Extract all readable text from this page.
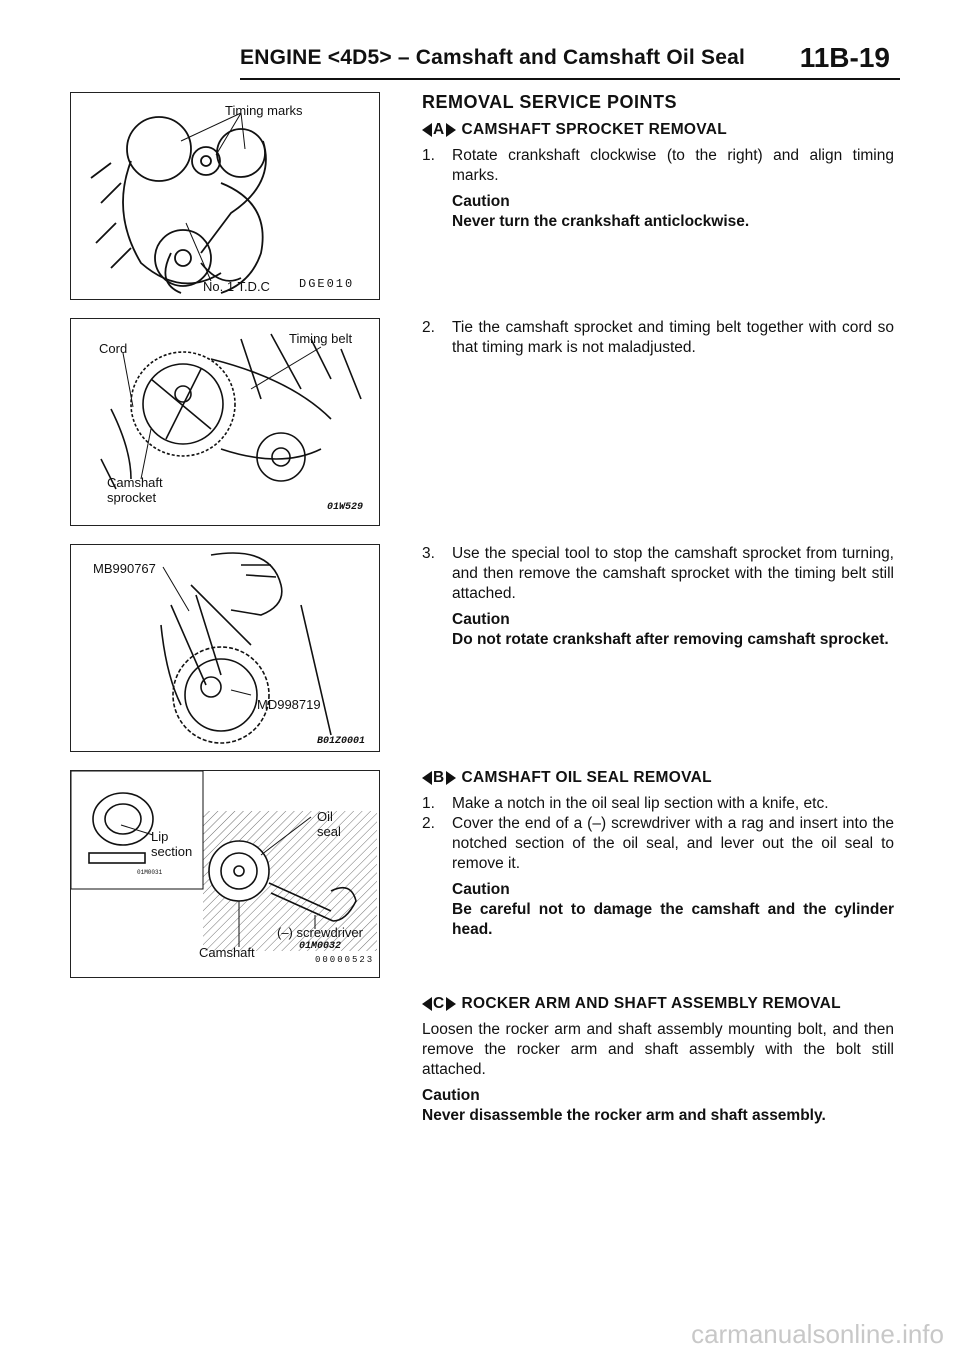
ENGINE <4D5> – Camshaft and Camshaft Oil Seal 11B-19
Timing marks
No. 1 T.D.C DGE010
Cord
Timing belt
Camshaft
sprocket
01W529
MB990767
MD998719
B01Z0001
Lip
section
Oil
seal
Camshaft
(–) screwdriver
01M0031
01M0032
00000523
REMOVAL SERVICE POINTS
A CAMSHAFT SPROCKET REMOVAL
1.	Rotate crankshaft clockwise (to the right) and align timing marks.
Caution
Never turn the crankshaft anticlockwise.
2.	Tie the camshaft sprocket and timing belt together with cord so that timing mark is not maladjusted.
3.	Use the special tool to stop the camshaft sprocket from turning, and then remove the camshaft sprocket with the timing belt still attached.
Caution
Do not rotate crankshaft after removing camshaft sprocket.
B CAMSHAFT OIL SEAL REMOVAL
1.	Make a notch in the oil seal lip section with a knife, etc.
2.	Cover the end of a (–) screwdriver with a rag and insert into the notched section of the oil seal, and lever out the oil seal to remove it.
Caution
Be careful not to damage the camshaft and the cylinder head.
C ROCKER ARM AND SHAFT ASSEMBLY REMOVAL
Loosen the rocker arm and shaft assembly mounting bolt, and then remove the rocker arm and shaft assembly with the bolt still attached.
Caution
Never disassemble the rocker arm and shaft assembly.
carmanualsonline.info
